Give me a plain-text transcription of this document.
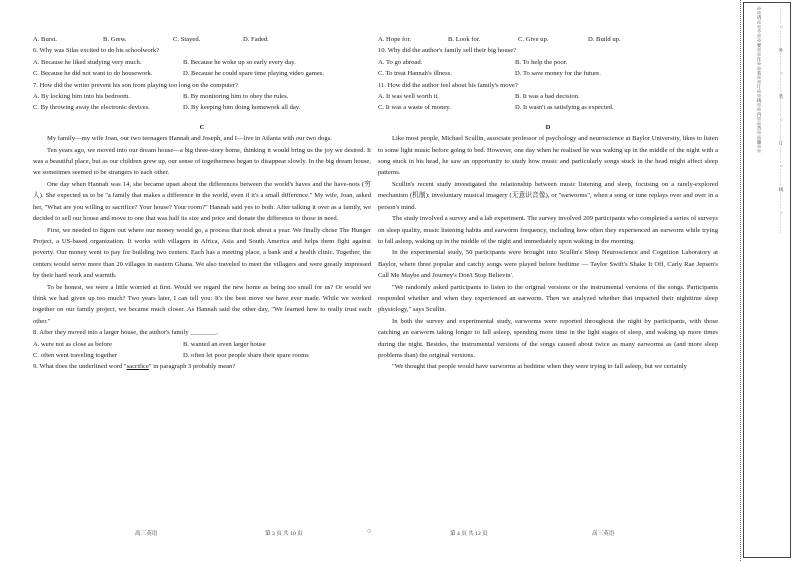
A. Burst.	B. Grew.	C. Stayed.	D. Faded.

6. Why was Silas excited to do his schoolwork?

A. Because he liked studying very much.	B. Because he woke up so early every day.
C. Because he did not want to do housework.	D. Because he could spare time playing video games.

7. How did the writer prevent his son from playing too long on the computer?

A. By locking him into his bedroom.	B. By monitoring him to obey the rules.
C. By throwing away the electronic devices.	D. By keeping him doing homework all day.

C

My family—my wife Joan, our two teenagers Hannah and Joseph, and I—live in Atlanta with our two dogs.

Ten years ago, we moved into our dream house—a big three-story home, thinking it would bring us the joy we desired. It was a beautiful place, but as our children grew up, our sense of togetherness began to disappear slowly. In the big dream house, we sometimes seemed to be strangers to each other.

One day when Hannah was 14, she became upset about the differences between the world's haves and the have-nots (穷人). She expected us to be "a family that makes a difference in the world, even if it's a small difference." My wife, Joan, asked her, "What are you willing to sacrifice? Your house? Your room?" Hannah said yes to both. After talking it over as a family, we decided to sell our house and move to one that was half its size and price and donate the difference to those in need.

First, we needed to figure out where our money would go, a process that took about a year. We finally chose The Hunger Project, a US-based organization. It works with villagers in Africa, Asia and South America and helps them fight against poverty. Our money went to pay for building two centers. Each has a meeting place, a bank and a health clinic. Together, the centers would serve more than 20 villages in eastern Ghana. We also traveled to meet the villagers and were greatly impressed by their hard work and warmth.

To be honest, we were a little worried at first. Would we regard the new home as being too small for us? Or would we think we had given up too much? Two years later, I can tell you: It's the best move we have ever made. While we worked together on our family project, we became much closer. As Hannah said the other day, "We learned how to really trust each other."

8. After they moved into a larger house, the author's family ________.

A. were not as close as before	B. wanted an even larger house
C. often went traveling together	D. often let poor people share their spare rooms

9. What does the underlined word "sacrifice" in paragraph 3 probably mean?

A. Hope for.	B. Look for.	C. Give up.	D. Build up.

10. Why did the author's family sell their big house?

A. To go abroad.	B. To help the poor.
C. To treat Hannah's illness.	D. To save money for the future.

11. How did the author feel about his family's move?

A. It was well worth it.	B. It was a bad decision.
C. It was a waste of money.	D. It wasn't as satisfying as expected.

D

Like most people, Michael Scullin, associate professor of psychology and neuroscience at Baylor University, likes to listen to some light music before going to bed. However, one day when he realised he was waking up in the middle of the night with a song stuck in his head, he saw an opportunity to study how music and particularly songs stuck in the head might affect sleep patterns.

Scullin's recent study investigated the relationship between music listening and sleep, focusing on a rarely-explored mechanism (机制): involuntary musical imagery (无意识音像), or "earworms", when a song or tune replays over and over in a person's mind.

The study involved a survey and a lab experiment. The survey involved 209 participants who completed a series of surveys on sleep quality, music listening habits and earworm frequency, including how often they experienced an earworm while trying to fall asleep, waking up in the middle of the night and immediately upon waking in the morning.

In the experimental study, 50 participants were brought into Scullin's Sleep Neuroscience and Cognition Laboratory at Baylor, where three popular and catchy songs were played before bedtime — Taylor Swift's Shake It Off, Carly Rae Jepsen's Call Me Maybe and Journey's Don't Stop Believin'.

"We randomly asked participants to listen to the original versions or the instrumental versions of the songs. Participants responded whether and when they experienced an earworm. Then we analyzed whether that impacted their nighttime sleep physiology," says Scullin.

In both the survey and experimental study, earworms were reported throughout the night by participants, with those catching an earworm taking longer to fall asleep, spending more time in the light stages of sleep, and waking up more times during the night. Besides, the instrumental versions of the songs caused about twice as many earworms as (and more sleep problems than) the original versions.

"We thought that people would have earworms at bedtime when they were trying to fall asleep, but we certainly

高三英语	第 3 页 共 10 页	○	第 4 页 共 12 页	高三英语
※※请※※不※※要※※在※※装※※订※※线※※内※※答※※题※※	…………○…………外…………○…………装…………○…………订…………○…………线…………○…………
